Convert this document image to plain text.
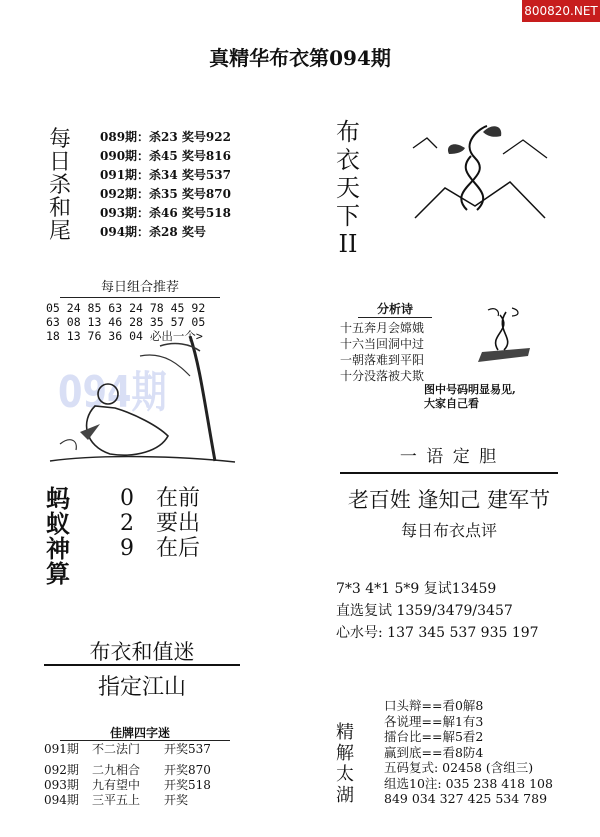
800820.NET
真精华布衣第094期
每
日
杀
和
尾
089期：杀23 奖号922
090期：杀45 奖号816
091期：杀34 奖号537
092期：杀35 奖号870
093期：杀46 奖号518
094期：杀28 奖号
布
衣
天
下
II
每日组合推荐
05 24 85 63 24 78 45 92
63 08 13 46 28 35 57 05
18 13 76 36 04 必出一个>
094期
分析诗
十五奔月会嫦娥
十六当回洞中过
一朝落难到平阳
十分没落被犬欺
图中号码明显易见,
大家自己看
蚂
蚁
神
算
0 在前
2 要出
9 在后
一 语 定 胆
老百姓 逢知己 建军节
每日布衣点评
7*3 4*1 5*9 复试13459
直选复试 1359/3479/3457
心水号: 137 345 537 935 197
布衣和值迷
指定江山
佳牌四字迷
091期 不二法门 开奖537
092期 二九相合 开奖870
093期 九有望中 开奖518
094期 三平五上 开奖
精
解
太
湖
口头辩==看0解8
各说理==解1有3
擂台比==解5看2
赢到底==看8防4
五码复式: 02458 (含组三)
组选10注: 035 238 418 108
849 034 327 425 534 789
